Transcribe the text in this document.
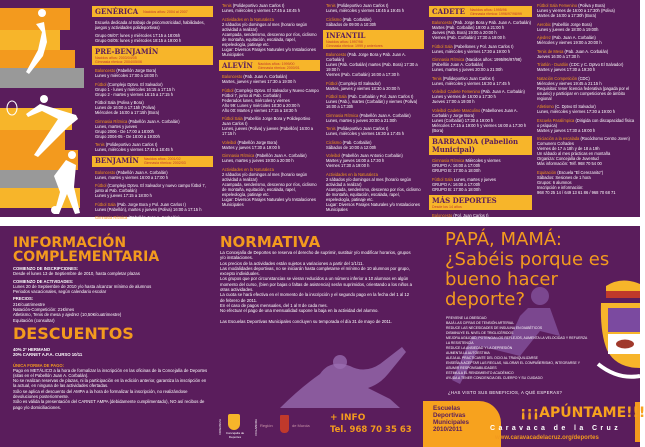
GENÉRICA Nacidos años: 2004 al 2007
Escuela dedicada al trabajo de psicomotricidad, habilidades, juegos y actividades polideportivas)
Grupo 06/07: lunes y miércoles 17:15 a 18:05h
Grupo 04/05: lunes y miércoles 18:15 a 19:00 h
PRE-BENJAMÍN
Nacidos años: 2003/04/05
Gimnasia rítmica: 2004/05/06
Baloncesto (Pabellón Jorge Bora)
Lunes y miércoles 17:00 a 18:00 h
Fútbol (Complejo Dptvo. El Salvador)
Grupo 1 - lunes y miércoles 16:15 a 17:15 h
Grupo 2 - martes y viernes 16:15 a 17:15 h
Fútbol Sala (Poliva y Bora)
Lunes de 16:00 a 17:15h (Poliva)
Miércoles de 16:00 a 17:15h (Bora)
Gimnasia Rítmica (Pabellón Juan A. Corbalán)
Lunes, martes y jueves
Grupo 2006 - De 17:00 a 18:00h
Grupo 2004-05 - De 18:00 a 19:00h
Tenis (Polideportivo Juan Carlos I)
Lunes, miércoles y viernes 17:45 a 18:45 h
BENJAMÍN Nacidos años: 2001/02
Gimnasia rítmica: 2002/03
Baloncesto (Pabellón Juan A. Corbalán)
Lunes, martes y viernes 16:00 a 17:00 h
Fútbol (Complejo Dptvo. El Salvador y nuevo campo fútbol 7, junto al Pab. Corbalán)
Lunes y jueves 17:15 a 18:00 h
Fútbol Sala (Pab. Jorge Bora y Pol. Juan Carlos I)
Lunes (Pabellón), martes y jueves (Poliva) 16:00 a 17:15 h
Gimnasia Rítmica (Pabellón Juan A. Corbalán)
Lunes, martes y jueves 16:00 a 17:00 h
Tenis (Polideportivo Juan Carlos I)
Lunes, miércoles y viernes 17:45 a 18:45 h
Actividades en la Naturaleza
2 sábados y/o domingos al mes (horario según actividad a realizar)
Acampada, senderismo, descenso por ríos, ciclismo de montaña, equitación, escalada, rapel, espeleología, patinaje etc.
Lugar: Diversos Parajes Naturales y/o Instalaciones Municipales
ALEVÍN Nacidos años: 1999/00
Gimnasia rítmica: 2000/01
Baloncesto (Pab. Juan A. Corbalán)
Martes, jueves y viernes 17:30 a 19:00 h
Fútbol (Complejo Dptvo. El Salvador y Nuevo Campo Fútbol 7, junto al Pab. Corbalán)
Federados lunes, miércoles y viernes
Año 99: Lunes y miércoles 18:30 a 20:00 h
Año 00: Martes y viernes 17:15 a 18:30 h
Fútbol Sala (Pabellón Jorge Bora y Polideportivo Juan Carlos I)
Lunes, jueves (Poliva) y jueves (Pabellón) 16:00 a 17:15 h
Voleibol (Pabellón Jorge Bora)
Martes y jueves 17:30 a 19:00 h
Gimnasia Rítmica (Pabellón Juan A. Corbalán)
Lunes, martes y jueves 19:00 a 20:00 h
Actividades en la Naturaleza
2 sábados y/o domingos al mes (horario según actividad a realizar)
Acampada, senderismo, descenso por ríos, ciclismo de montaña, equitación, escalada, rapel, espeleología, patinaje etc.
Lugar: Diversos Parajes Naturales y/o Instalaciones Municipales
Tenis (Polideportivo Juan Carlos I)
Lunes, miércoles y viernes 18:45 a 19:45 h
Ciclismo (Pab. Corbalán)
Sábados de 09:00 a 10:30h
INFANTIL
Nacidos años: 1997/98
Gimnasia rítmica: 1999 y anteriores
Baloncesto (Pab. Jorge Bora y Pab. Juan A. Corbalán)
Lunes (Pab. Corbalán) martes (Pab. Bora) 17:30 a 19:00 h
Viernes (Pab. Corbalán) 16:00 a 17:30 h
Fútbol (Complejo El Salvador)
Martes, jueves y viernes 18:30 a 20:00 h
Fútbol Sala (Pab. Corbalán y Pol. Juan Carlos I)
Lunes (Pab.), martes (Corbalán) y viernes (Poliva) 16:00 a 17:30h
Gimnasia Rítmica (Pabellón Juan A. Corbalán)
Lunes, martes y jueves 20:00 a 21:00h
Tenis (Polideportivo Juan Carlos I)
Lunes, miércoles y viernes 16:30 a 17:45 h
Ciclismo (Pab. Corbalán)
Sábados de 10:00 a 12:00h
Voleibol (Pabellón Juan Antonio Corbalán)
Martes y jueves 16:00 a 17:30 h
Viernes 17:30 a 19:00 h
Actividades en la Naturaleza
2 sábados y/o domingos al mes (horario según actividad a realizar)
Acampada, senderismo, descenso por ríos, ciclismo de montaña, equitación, escalada, rapel, espeleología, patinaje etc.
Lugar: Diversos Parajes Naturales y/o Instalaciones Municipales
CADETE Nacidos años: 1995/96
Gimnasia rítmica: 1996/97/98/99
Baloncesto (Pab. Jorge Bora y Pab. Juan A. Corbalán)
Martes (Pab. Corbalán) 19:00 a 21:00 h
Jueves (Pab. Bora) 19:00 a 20:00 h
Viernes (Pab. Corbalán) 17:30 a 19:00 h
Fútbol Sala (Pabellones y Pol. Juan Carlos I)
Lunes, miércoles y viernes 17:30 a 19:00 h
Gimnasia Rítmica (Nacidos años: 1995/96/97/98) (Pabellón Juan A. Corbalán)
Lunes, martes y jueves 20:00 a 21:00h
Tenis (Polideportivo Juan Carlos I)
Lunes, miércoles y viernes 16:30 a 17:45 h
Voleibol Cadete Femenino (Pab. Juan A. Corbalán)
Lunes y viernes de 16:00 a 17:30 h
Jueves 17:00 a 19:00 h
Voleibol Cadete Masculino (Pabellones Juan A. Corbalán y Jorge Bora)
Lunes (Corbalán) 17:30 a 19:00 h
Miércoles 17:15 a 19:00 h y viernes 16:00 a 17:30 h (Bora)
BARRANDA (Pabellón Municipal)
Gimnasia Rítmica Miércoles y viernes
GRUPO A: 16:00 a 17:00h
GRUPO B: 17:00 a 18:00h
Fútbol Sala Lunes, martes y jueves
GRUPO A: 16:00 a 17:00h
GRUPO B: 17:00 a 18:00h
MÁS DEPORTES
Desde los 14 años
Baloncesto (Pol. Juan Carlos I)
Miércoles y viernes 17:00 a 19:00 h
Fútbol Sala Femenino (Poliva y Bora)
Lunes y viernes de 16:00 a 17:30h (Poliva)
Martes de 16:00 a 17:30h (Bora)
Aerobic (Pabellón Jorge Bora)
Lunes y jueves de 18:00 a 19:00h
Ajedrez (Pab. Juan A. Corbalán)
Miércoles y viernes 19:00 a 20:00 h
Tenis de Mesa (Pab. Juan A. Corbalán)
Jueves 16:00 a 17:30 h
Triatlón - Duatlón (CDC y C. Dptvo El Salvador)
Martes y jueves 17:30 a 19:30 h
Natación Competición (CDC)
Miércoles y viernes 19:45 a 21:15 h
Requisitos: tener licencia federativa (pagada por el usuario) y participar en competiciones de ámbito regional
Atletismo (C. Dptvo El Salvador)
Lunes, miércoles y viernes 17:30 a 19:00 h
Escuela Paralímpica (Dirigida con discapacidad física o psíquica)
Martes y jueves 17:30 a 19:00 h
Iniciación a la escalada (Rocódromo Centro Joven) Comunero Cofrades
Viernes de 17 a 18h y de 18 a 19h
Un sábado al mes prácticas en montaña
Organiza: Concejalía de Juventud
Más información: Telf. 968 70 54 00
Equitación (Escuela "El Cerezanito")
Sábados: Sesiones de 1 hora
Grupos: 6 alumnos
Inscripción e información:
968 70 25 14 / 649 13 61 86 / 968 70 68 71
INFORMACIÓN
COMPLEMENTARIA
COMIENZO DE INSCRIPCIONES:
Desde el lunes 13 de Septiembre de 2010, hasta completar plazas
COMIENZO DE ACTIVIDADES:
Lunes 20 de Septiembre de 2010 y/o hasta alcanzar mínimo de alumnos
Periodos vacacionales, según calendario escolar
PRECIOS:
21€/cuatrimestre
Natación-Competición: 21€/mes
Atletismo, Tenis de mesa y ajedrez (10,50€/cuatrimestre)
Equitación (consultar)
DESCUENTOS
40% 2º HERMANO
20% CARNET A.P.A. CURSO 10/11
ÚNICA FORMA DE PAGO:
Pago en METÁLICO a la hora de formalizar la inscripción en las oficinas de la Concejalía de Deportes (sitas en el Pabellón Juan A. Corbalán).
No se realizan reservas de plazas, ni la participación en la edición anterior, garantiza la inscripción en la actual, en ninguna de las actividades ofertadas.
Sólo se aplica el descuento del AMPA a la hora de formalizar la inscripción, no realizándose devoluciones posteriormente.
Sólo es válida la presentación del CARNET AMPA (debidamente cumplimentado), NO así recibos de pago y/o domiciliaciones.
NORMATIVA
La Concejalía de Deportes se reserva el derecho de suprimir, sustituir y/o modificar horarios, grupos y/o instalaciones.
Los precios de la actividades están sujetos a variaciones a partir del 1/1/11.
Las modalidades deportivas, no se iniciarán hasta completarse el mínimo de 10 alumnos por grupo, excepto individuales.
Los grupos que por circunstancias se vieran reducidos a un número inferior a 10 alumnos en algún momento del curso, (bien por bajas o faltas de asistencia) serán suprimidos, orientando a los niños a otras actividades.
La cuota se hará efectiva en el momento de la inscripción y el segundo pago en la fecha del 1 al 12 de febrero de 2011.
En el caso de pagos mensuales, del 1 al 8 de cada mes.
No efectuar el pago de una mensualidad supone la baja en la actividad del alumno.
Las Escuelas Deportivas Municipales concluyen su temporada el día 31 de mayo de 2011.
ORGANIZA	Concejalía de Deportes
COLABORA Región	de Murcia
+ INFO
Tel. 968 70 35 63
PAPÁ, MAMÁ:
¿Sabéis porque es
bueno hacer
deporte?
PREVIENE LA OBESIDAD
BAJÁ LAS CIFRAS DE TENSIÓN ARTERIAL
REDUCE LAS NECESIDADES DE INSULINA EN DIABÉTICOS
DISMINUYE EL NIVEL DE TRIGLICÉRIDOS
MEJORA AGILIDAD, POTENCIA LOS REFLEJOS, AUMENTA LA VELOCIDAD Y REFUERZA LA RESISTENCIA
REDUCE LA ANSIEDAD Y LA DEPRESIÓN
AUMENTA LA AUTOESTIMA
ALEJA AL PRACTICANTE DEL OCIO AL TRANQUILIZARSE
ENSEÑA A ACEPTAR LAS REGLAS, VALORAR EL COMPAÑERISMO, INTEGRARSE Y ASUMIR RESPONSABILIDADES
ESTIMULA EL RENDIMIENTO ACADÉMICO
AYUDA A TENER CONCIENCIA DEL CUERPO Y SU CUIDADO
¿HAS VISTO SUS BENEFICIOS, A QUÉ ESPERAS?
Escuelas
Deportivas
Municipales
2010/2011
¡¡¡APÚNTAME!!!
Caravaca de la Cruz
www.caravacadelacruz.org/deportes
